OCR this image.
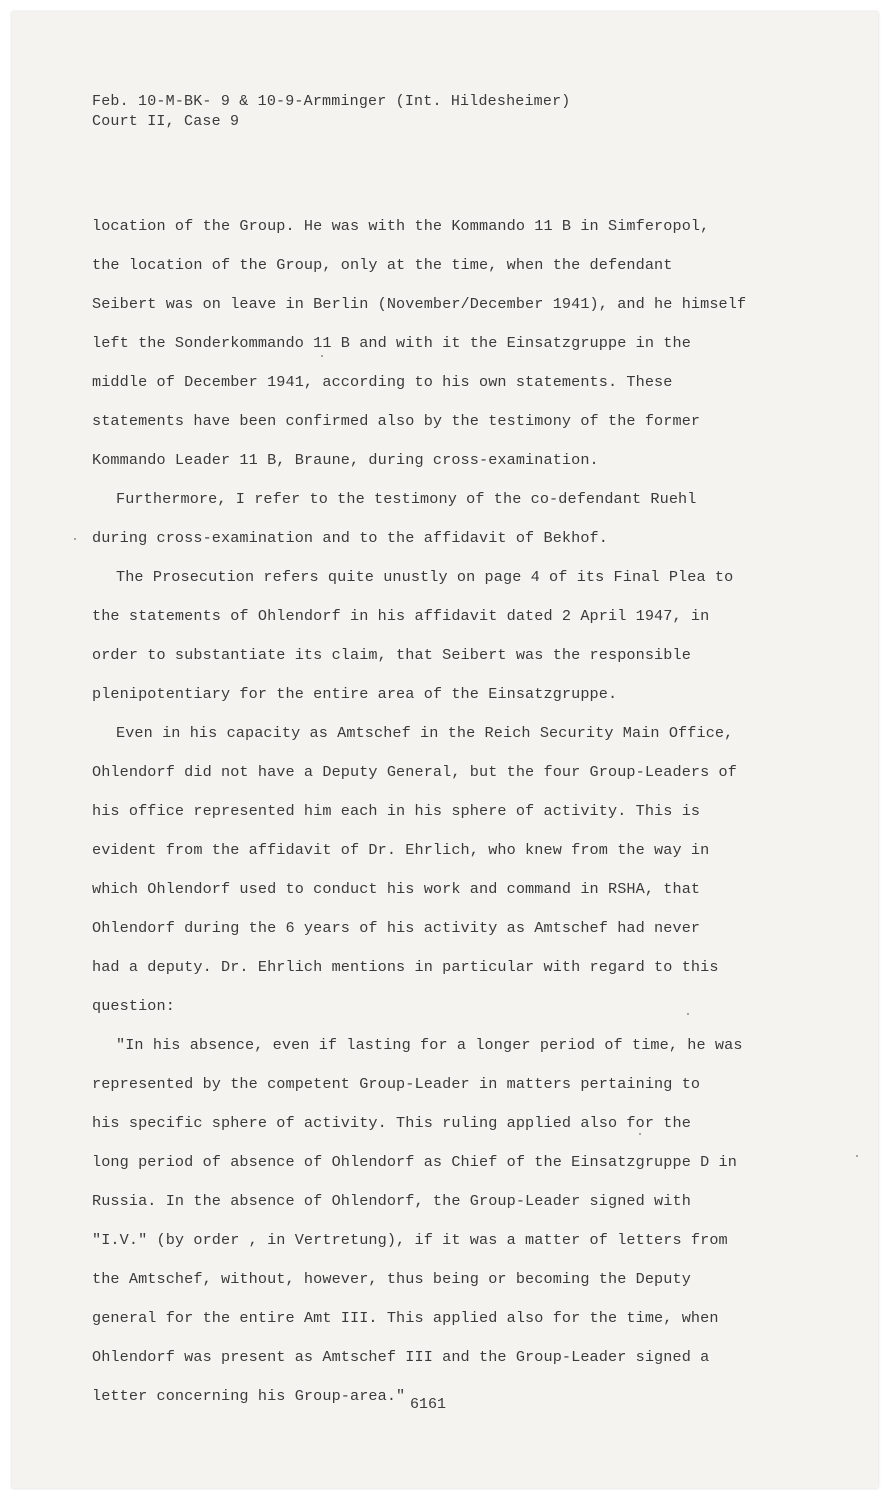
Feb. 10-M-BK- 9 & 10-9-Armminger (Int. Hildesheimer)
Court II, Case 9
location of the Group. He was with the Kommando 11 B in Simferopol,
the location of the Group, only at the time, when the defendant
Seibert was on leave in Berlin (November/December 1941), and he himself
left the Sonderkommando 11 B and with it the Einsatzgruppe in the
middle of December 1941, according to his own statements. These
statements have been confirmed also by the testimony of the former
Kommando Leader 11 B, Braune, during cross-examination.
Furthermore, I refer to the testimony of the co-defendant Ruehl
during cross-examination and to the affidavit of Bekhof.
The Prosecution refers quite unustly on page 4 of its Final Plea to
the statements of Ohlendorf in his affidavit dated 2 April 1947, in
order to substantiate its claim, that Seibert was the responsible
plenipotentiary for the entire area of the Einsatzgruppe.
Even in his capacity as Amtschef in the Reich Security Main Office,
Ohlendorf did not have a Deputy General, but the four Group-Leaders of
his office represented him each in his sphere of activity. This is
evident from the affidavit of Dr. Ehrlich, who knew from the way in
which Ohlendorf used to conduct his work and command in RSHA, that
Ohlendorf during the 6 years of his activity as Amtschef had never
had a deputy. Dr. Ehrlich mentions in particular with regard to this
question:
"In his absence, even if lasting for a longer period of time, he was
represented by the competent Group-Leader in matters pertaining to
his specific sphere of activity. This ruling applied also for the
long period of absence of Ohlendorf as Chief of the Einsatzgruppe D in
Russia. In the absence of Ohlendorf, the Group-Leader signed with
"I.V." (by order , in Vertretung), if it was a matter of letters from
the Amtschef, without, however, thus being or becoming the Deputy
general for the entire Amt III. This applied also for the time, when
Ohlendorf was present as Amtschef III and the Group-Leader signed a
letter concerning his Group-area." 6161
